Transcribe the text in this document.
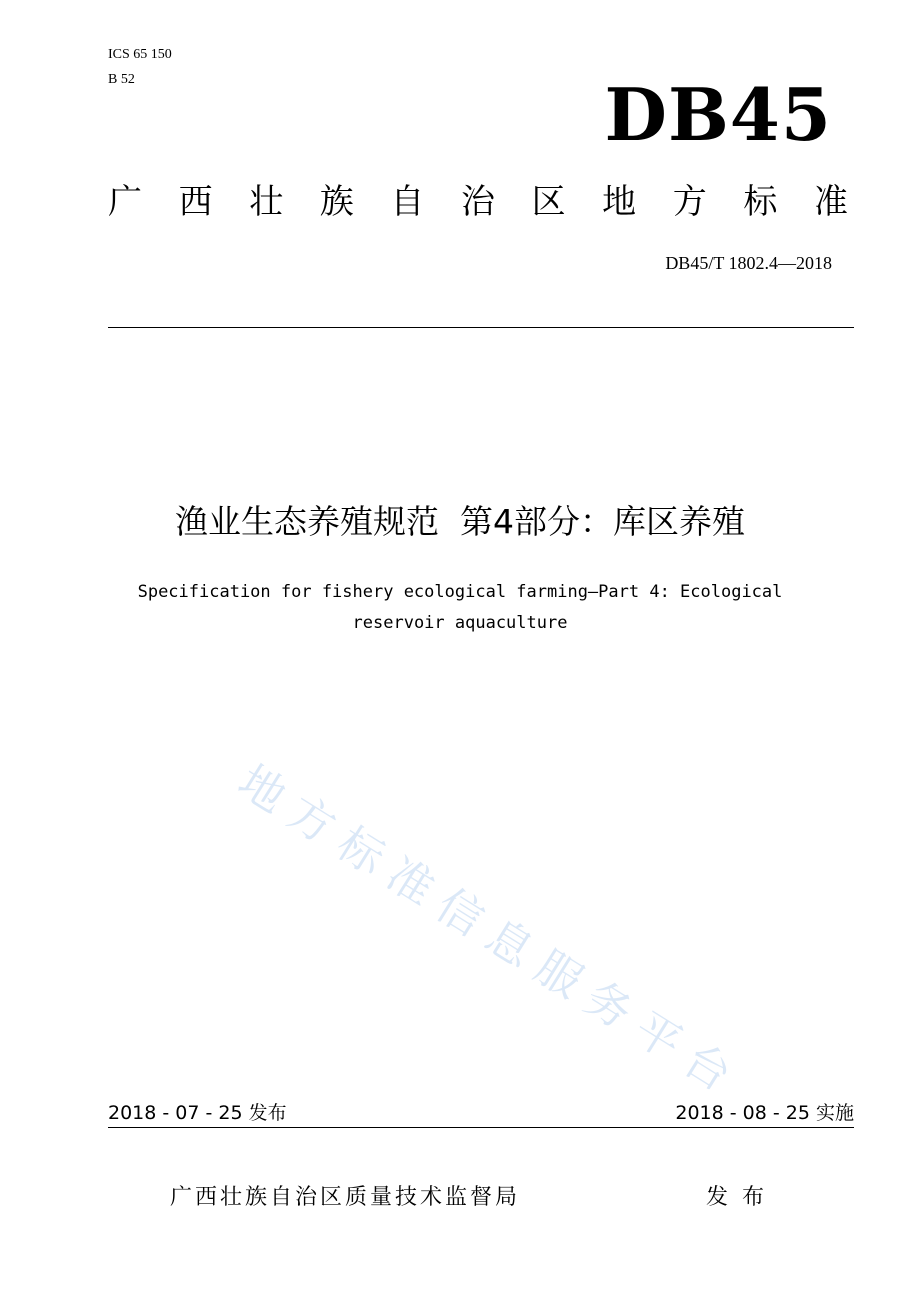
ICS 65 150
B 52	DB45
广 西 壮 族 自 治 区 地 方 标 准
DB45/T 1802.4—2018
渔业生态养殖规范  第4部分：库区养殖
Specification for fishery ecological farming—Part 4: Ecological
reservoir aquaculture
地方标准信息服务平台
2018 - 07 - 25 发布	2018 - 08 - 25 实施
广西壮族自治区质量技术监督局	发布
